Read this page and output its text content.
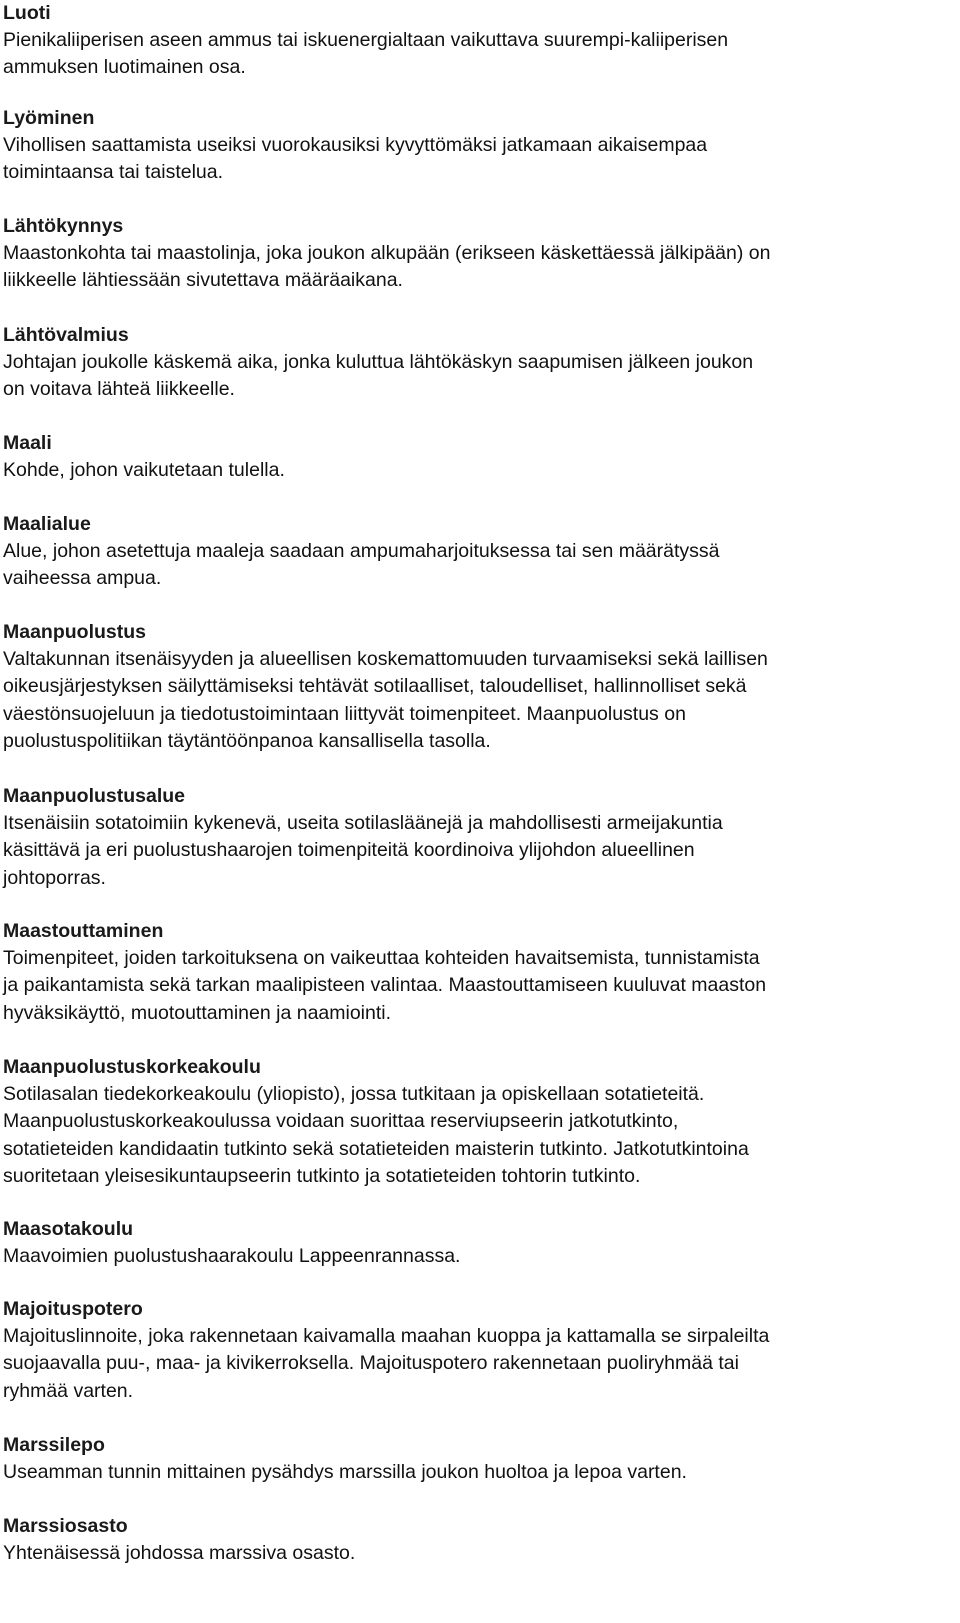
Luoti
Pienikaliiperisen aseen ammus tai iskuenergialtaan vaikuttava suurempi-kaliiperisen
ammuksen luotimainen osa.
Lyöminen
Vihollisen saattamista useiksi vuorokausiksi kyvyttömäksi jatkamaan aikaisempaa
toimintaansa tai taistelua.
Lähtökynnys
Maastonkohta tai maastolinja, joka joukon alkupään (erikseen käskettäessä jälkipään) on
liikkeelle lähtiessään sivutettava määräaikana.
Lähtövalmius
Johtajan joukolle käskemä aika, jonka kuluttua lähtökäskyn saapumisen jälkeen joukon
on voitava lähteä liikkeelle.
Maali
Kohde, johon vaikutetaan tulella.
Maalialue
Alue, johon asetettuja maaleja saadaan ampumaharjoituksessa tai sen määrätyssä
vaiheessa ampua.
Maanpuolustus
Valtakunnan itsenäisyyden ja alueellisen koskemattomuuden turvaamiseksi sekä laillisen
oikeusjärjestyksen säilyttämiseksi tehtävät sotilaalliset, taloudelliset, hallinnolliset sekä
väestönsuojeluun ja tiedotustoimintaan liittyvät toimenpiteet. Maanpuolustus on
puolustuspolitiikan täytäntöönpanoa kansallisella tasolla.
Maanpuolustusalue
Itsenäisiin sotatoimiin kykenevä, useita sotilasläänejä ja mahdollisesti armeijakuntia
käsittävä ja eri puolustushaarojen toimenpiteitä koordinoiva ylijohdon alueellinen
johtoporras.
Maastouttaminen
Toimenpiteet, joiden tarkoituksena on vaikeuttaa kohteiden havaitsemista, tunnistamista
ja paikantamista sekä tarkan maalipisteen valintaa. Maastouttamiseen kuuluvat maaston
hyväksikäyttö, muotouttaminen ja naamiointi.
Maanpuolustuskorkeakoulu
Sotilasalan tiedekorkeakoulu (yliopisto), jossa tutkitaan ja opiskellaan sotatieteitä.
Maanpuolustuskorkeakoulussa voidaan suorittaa reserviupseerin jatkotutkinto,
sotatieteiden kandidaatin tutkinto sekä sotatieteiden maisterin tutkinto. Jatkotutkintoina
suoritetaan yleisesikuntaupseerin tutkinto ja sotatieteiden tohtorin tutkinto.
Maasotakoulu
Maavoimien puolustushaarakoulu Lappeenrannassa.
Majoituspotero
Majoituslinnoite, joka rakennetaan kaivamalla maahan kuoppa ja kattamalla se sirpaleilta
suojaavalla puu-, maa- ja kivikerroksella. Majoituspotero rakennetaan puoliryhmää tai
ryhmää varten.
Marssilepo
Useamman tunnin mittainen pysähdys marssilla joukon huoltoa ja lepoa varten.
Marssiosasto
Yhtenäisessä johdossa marssiva osasto.
